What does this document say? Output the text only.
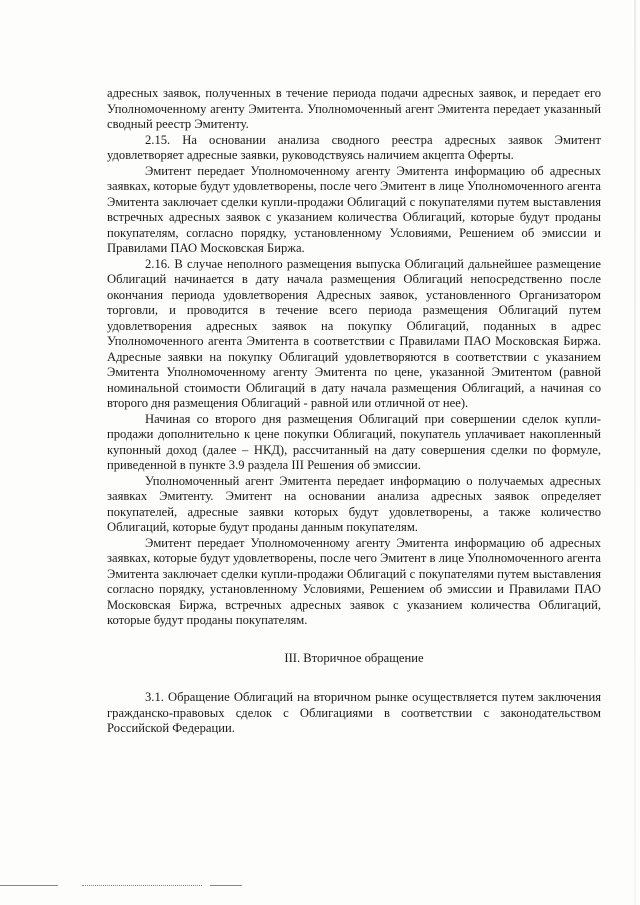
адресных заявок, полученных в течение периода подачи адресных заявок, и передает его Уполномоченному агенту Эмитента. Уполномоченный агент Эмитента передает указанный сводный реестр Эмитенту.

2.15. На основании анализа сводного реестра адресных заявок Эмитент удовлетворяет адресные заявки, руководствуясь наличием акцепта Оферты.

Эмитент передает Уполномоченному агенту Эмитента информацию об адресных заявках, которые будут удовлетворены, после чего Эмитент в лице Уполномоченного агента Эмитента заключает сделки купли-продажи Облигаций с покупателями путем выставления встречных адресных заявок с указанием количества Облигаций, которые будут проданы покупателям, согласно порядку, установленному Условиями, Решением об эмиссии и Правилами ПАО Московская Биржа.

2.16. В случае неполного размещения выпуска Облигаций дальнейшее размещение Облигаций начинается в дату начала размещения Облигаций непосредственно после окончания периода удовлетворения Адресных заявок, установленного Организатором торговли, и проводится в течение всего периода размещения Облигаций путем удовлетворения адресных заявок на покупку Облигаций, поданных в адрес Уполномоченного агента Эмитента в соответствии с Правилами ПАО Московская Биржа. Адресные заявки на покупку Облигаций удовлетворяются в соответствии с указанием Эмитента Уполномоченному агенту Эмитента по цене, указанной Эмитентом (равной номинальной стоимости Облигаций в дату начала размещения Облигаций, а начиная со второго дня размещения Облигаций - равной или отличной от нее).

Начиная со второго дня размещения Облигаций при совершении сделок купли-продажи дополнительно к цене покупки Облигаций, покупатель уплачивает накопленный купонный доход (далее – НКД), рассчитанный на дату совершения сделки по формуле, приведенной в пункте 3.9 раздела III Решения об эмиссии.

Уполномоченный агент Эмитента передает информацию о получаемых адресных заявках Эмитенту. Эмитент на основании анализа адресных заявок определяет покупателей, адресные заявки которых будут удовлетворены, а также количество Облигаций, которые будут проданы данным покупателям.

Эмитент передает Уполномоченному агенту Эмитента информацию об адресных заявках, которые будут удовлетворены, после чего Эмитент в лице Уполномоченного агента Эмитента заключает сделки купли-продажи Облигаций с покупателями путем выставления согласно порядку, установленному Условиями, Решением об эмиссии и Правилами ПАО Московская Биржа, встречных адресных заявок с указанием количества Облигаций, которые будут проданы покупателям.

III. Вторичное обращение

3.1. Обращение Облигаций на вторичном рынке осуществляется путем заключения гражданско-правовых сделок с Облигациями в соответствии с законодательством Российской Федерации.
